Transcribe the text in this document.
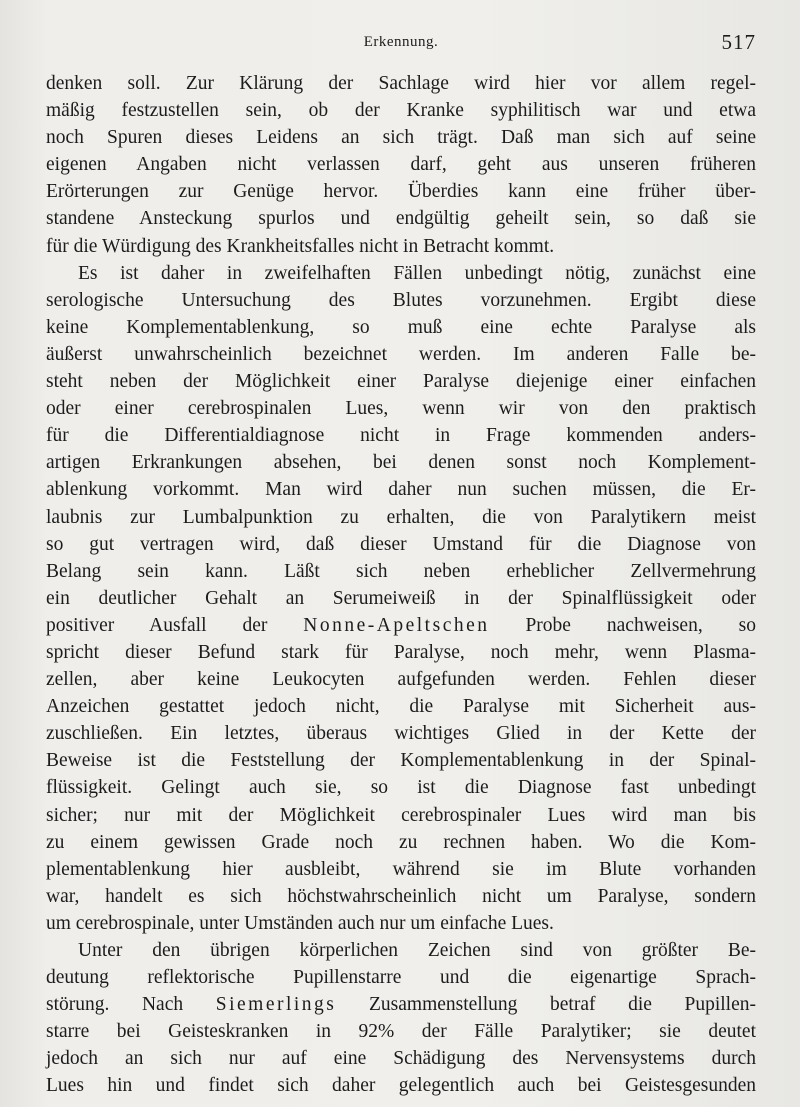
Erkennung.	517
denken soll. Zur Klärung der Sachlage wird hier vor allem regel-
mäßig festzustellen sein, ob der Kranke syphilitisch war und etwa
noch Spuren dieses Leidens an sich trägt. Daß man sich auf seine
eigenen Angaben nicht verlassen darf, geht aus unseren früheren
Erörterungen zur Genüge hervor. Überdies kann eine früher über-
standene Ansteckung spurlos und endgültig geheilt sein, so daß sie
für die Würdigung des Krankheitsfalles nicht in Betracht kommt.
Es ist daher in zweifelhaften Fällen unbedingt nötig, zunächst eine
serologische Untersuchung des Blutes vorzunehmen. Ergibt diese
keine Komplementablenkung, so muß eine echte Paralyse als
äußerst unwahrscheinlich bezeichnet werden. Im anderen Falle be-
steht neben der Möglichkeit einer Paralyse diejenige einer einfachen
oder einer cerebrospinalen Lues, wenn wir von den praktisch
für die Differentialdiagnose nicht in Frage kommenden anders-
artigen Erkrankungen absehen, bei denen sonst noch Komplement-
ablenkung vorkommt. Man wird daher nun suchen müssen, die Er-
laubnis zur Lumbalpunktion zu erhalten, die von Paralytikern meist
so gut vertragen wird, daß dieser Umstand für die Diagnose von
Belang sein kann. Läßt sich neben erheblicher Zellvermehrung
ein deutlicher Gehalt an Serumeiweiß in der Spinalflüssigkeit oder
positiver Ausfall der Nonne-Apeltschen Probe nachweisen, so
spricht dieser Befund stark für Paralyse, noch mehr, wenn Plasma-
zellen, aber keine Leukocyten aufgefunden werden. Fehlen dieser
Anzeichen gestattet jedoch nicht, die Paralyse mit Sicherheit aus-
zuschließen. Ein letztes, überaus wichtiges Glied in der Kette der
Beweise ist die Feststellung der Komplementablenkung in der Spinal-
flüssigkeit. Gelingt auch sie, so ist die Diagnose fast unbedingt
sicher; nur mit der Möglichkeit cerebrospinaler Lues wird man bis
zu einem gewissen Grade noch zu rechnen haben. Wo die Kom-
plementablenkung hier ausbleibt, während sie im Blute vorhanden
war, handelt es sich höchstwahrscheinlich nicht um Paralyse, sondern
um cerebrospinale, unter Umständen auch nur um einfache Lues.
Unter den übrigen körperlichen Zeichen sind von größter Be-
deutung reflektorische Pupillenstarre und die eigenartige Sprach-
störung. Nach Siemerlings Zusammenstellung betraf die Pupillen-
starre bei Geisteskranken in 92% der Fälle Paralytiker; sie deutet
jedoch an sich nur auf eine Schädigung des Nervensystems durch
Lues hin und findet sich daher gelegentlich auch bei Geistesgesunden
